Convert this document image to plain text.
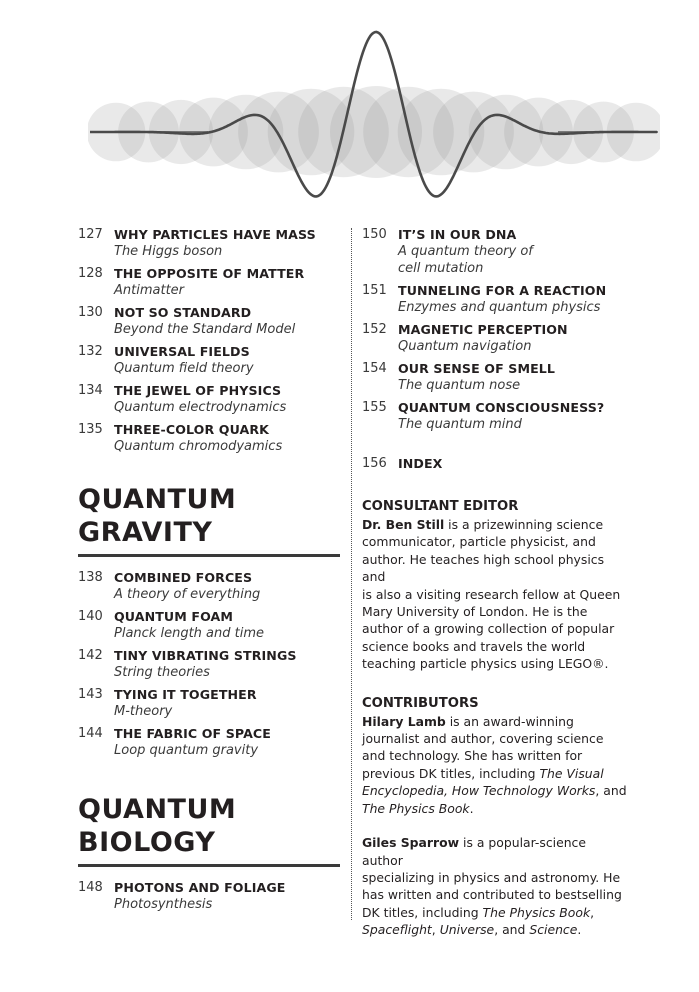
127 WHY PARTICLES HAVE MASS
The Higgs boson
128 THE OPPOSITE OF MATTER
Antimatter
130 NOT SO STANDARD
Beyond the Standard Model
132 UNIVERSAL FIELDS
Quantum field theory
134 THE JEWEL OF PHYSICS
Quantum electrodynamics
135 THREE-COLOR QUARK
Quantum chromodyamics
QUANTUM
GRAVITY
138 COMBINED FORCES
A theory of everything
140 QUANTUM FOAM
Planck length and time
142 TINY VIBRATING STRINGS
String theories
143 TYING IT TOGETHER
M-theory
144 THE FABRIC OF SPACE
Loop quantum gravity
QUANTUM
BIOLOGY
148 PHOTONS AND FOLIAGE
Photosynthesis
150 IT’S IN OUR DNA
A quantum theory of
cell mutation
151 TUNNELING FOR A REACTION
Enzymes and quantum physics
152 MAGNETIC PERCEPTION
Quantum navigation
154 OUR SENSE OF SMELL
The quantum nose
155 QUANTUM CONSCIOUSNESS?
The quantum mind
156 INDEX
CONSULTANT EDITOR
Dr. Ben Still is a prizewinning science
communicator, particle physicist, and
author. He teaches high school physics and
is also a visiting research fellow at Queen
Mary University of London. He is the
author of a growing collection of popular
science books and travels the world
teaching particle physics using LEGO®.
CONTRIBUTORS
Hilary Lamb is an award-winning
journalist and author, covering science
and technology. She has written for
previous DK titles, including The Visual
Encyclopedia, How Technology Works, and
The Physics Book.
Giles Sparrow is a popular-science author
specializing in physics and astronomy. He
has written and contributed to bestselling
DK titles, including The Physics Book,
Spaceflight, Universe, and Science.
